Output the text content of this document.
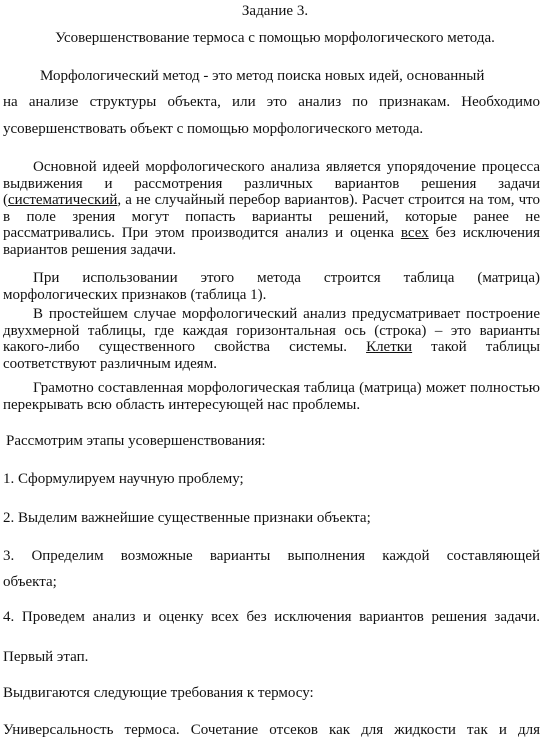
Задание 3.

Усовершенствование термоса с помощью морфологического метода.

Морфологический метод - это метод поиска новых идей, основанный

на анализе структуры объекта, или это анализ по признакам. Необходимо

усовершенствовать объект с помощью морфологического метода.

Основной идеей морфологического анализа является упорядочение процесса выдвижения и рассмотрения различных вариантов решения задачи (систематический, а не случайный перебор вариантов). Расчет строится на том, что в поле зрения могут попасть варианты решений, которые ранее не рассматривались. При этом производится анализ и оценка всех без исключения вариантов решения задачи.

При использовании этого метода строится таблица (матрица) морфологических признаков (таблица 1).

В простейшем случае морфологический анализ предусматривает построение двухмерной таблицы, где каждая горизонтальная ось (строка) – это варианты какого-либо существенного свойства системы. Клетки такой таблицы соответствуют различным идеям.

Грамотно составленная морфологическая таблица (матрица) может полностью перекрывать всю область интересующей нас проблемы.

Рассмотрим этапы усовершенствования:

1. Сформулируем научную проблему;

2. Выделим важнейшие существенные признаки объекта;

3. Определим возможные варианты выполнения каждой составляющей

объекта;

4. Проведем анализ и оценку всех без исключения вариантов решения задачи.

Первый этап.

Выдвигаются следующие требования к термосу:

Универсальность термоса. Сочетание отсеков как для жидкости так и для
